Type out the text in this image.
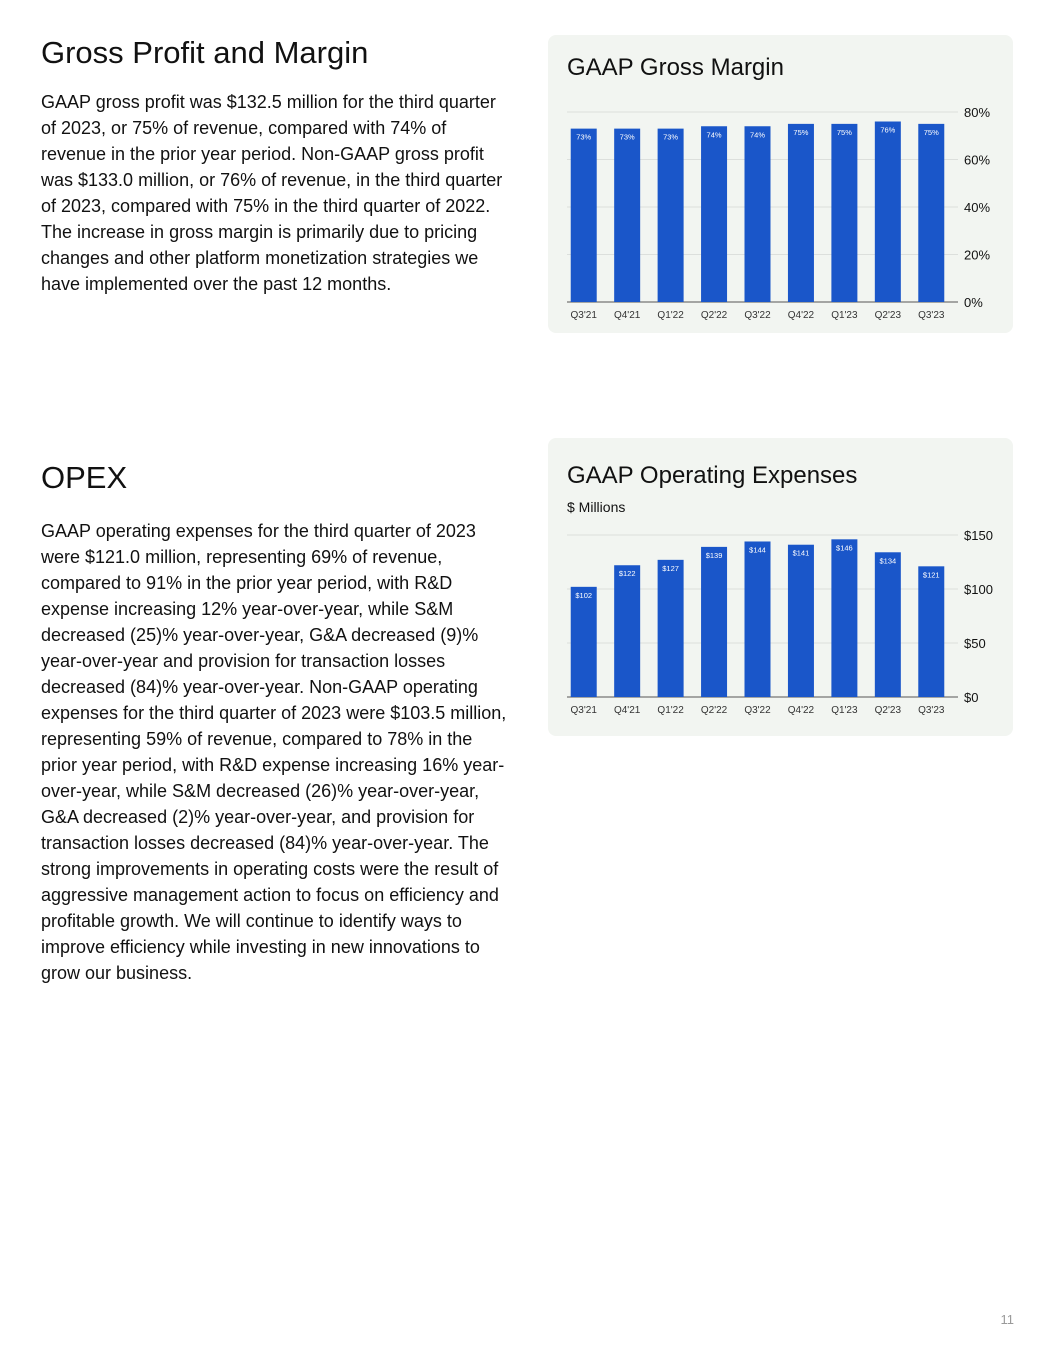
Gross Profit and Margin

GAAP gross profit was $132.5 million for the third quarter of 2023, or 75% of revenue, compared with 74% of revenue in the prior year period. Non-GAAP gross profit was $133.0 million, or 76% of revenue, in the third quarter of 2023, compared with 75% in the third quarter of 2022. The increase in gross margin is primarily due to pricing changes and other platform monetization strategies we have implemented over the past 12 months.

GAAP Gross Margin
0%
20%
40%
60%
80%
73%
Q3'21
73%
Q4'21
73%
Q1'22
74%
Q2'22
74%
Q3'22
75%
Q4'22
75%
Q1'23
76%
Q2'23
75%
Q3'23
OPEX

GAAP operating expenses for the third quarter of 2023 were $121.0 million, representing 69% of revenue, compared to 91% in the prior year period, with R&D expense increasing 12% year-over-year, while S&M decreased (25)% year-over-year, G&A decreased (9)% year-over-year and provision for transaction losses decreased (84)% year-over-year. Non-GAAP operating expenses for the third quarter of 2023 were $103.5 million, representing 59% of revenue, compared to 78% in the prior year period, with R&D expense increasing 16% year-over-year, while S&M decreased (26)% year-over-year, G&A decreased (2)% year-over-year, and provision for transaction losses decreased (84)% year-over-year. The strong improvements in operating costs were the result of aggressive management action to focus on efficiency and profitable growth. We will continue to identify ways to improve efficiency while investing in new innovations to grow our business.

GAAP Operating Expenses
$ Millions
$0
$50
$100
$150
$102
Q3'21
$122
Q4'21
$127
Q1'22
$139
Q2'22
$144
Q3'22
$141
Q4'22
$146
Q1'23
$134
Q2'23
$121
Q3'23
11
